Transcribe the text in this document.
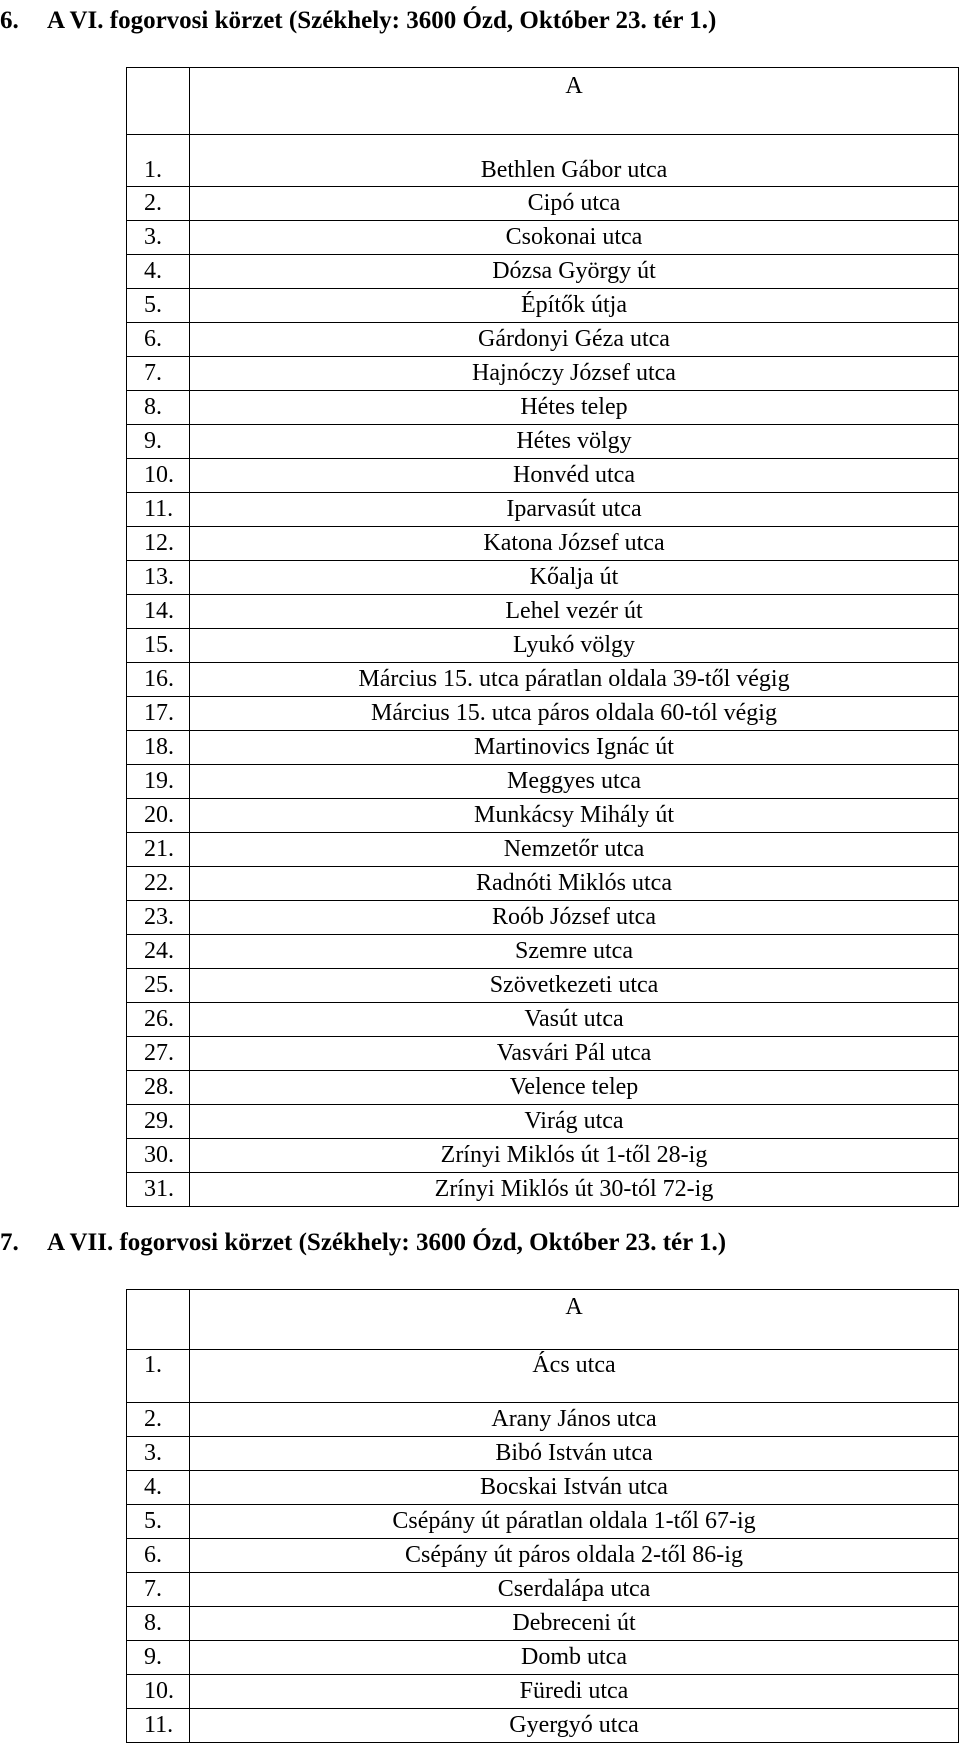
6. A VI. fogorvosi körzet (Székhely: 3600 Ózd, Október 23. tér 1.)
	A
1.	Bethlen Gábor utca
2.	Cipó utca
3.	Csokonai utca
4.	Dózsa György út
5.	Építők útja
6.	Gárdonyi Géza utca
7.	Hajnóczy József utca
8.	Hétes telep
9.	Hétes völgy
10.	Honvéd utca
11.	Iparvasút utca
12.	Katona József utca
13.	Kőalja út
14.	Lehel vezér út
15.	Lyukó völgy
16.	Március 15. utca páratlan oldala 39-től végig
17.	Március 15. utca páros oldala 60-tól végig
18.	Martinovics Ignác út
19.	Meggyes utca
20.	Munkácsy Mihály út
21.	Nemzetőr utca
22.	Radnóti Miklós utca
23.	Roób József utca
24.	Szemre utca
25.	Szövetkezeti utca
26.	Vasút utca
27.	Vasvári Pál utca
28.	Velence telep
29.	Virág utca
30.	Zrínyi Miklós út 1-től 28-ig
31.	Zrínyi Miklós út 30-tól 72-ig
7. A VII. fogorvosi körzet (Székhely: 3600 Ózd, Október 23. tér 1.)
	A
1.	Ács utca
2.	Arany János utca
3.	Bibó István utca
4.	Bocskai István utca
5.	Csépány út páratlan oldala 1-től 67-ig
6.	Csépány út páros oldala 2-től 86-ig
7.	Cserdalápa utca
8.	Debreceni út
9.	Domb utca
10.	Füredi utca
11.	Gyergyó utca
